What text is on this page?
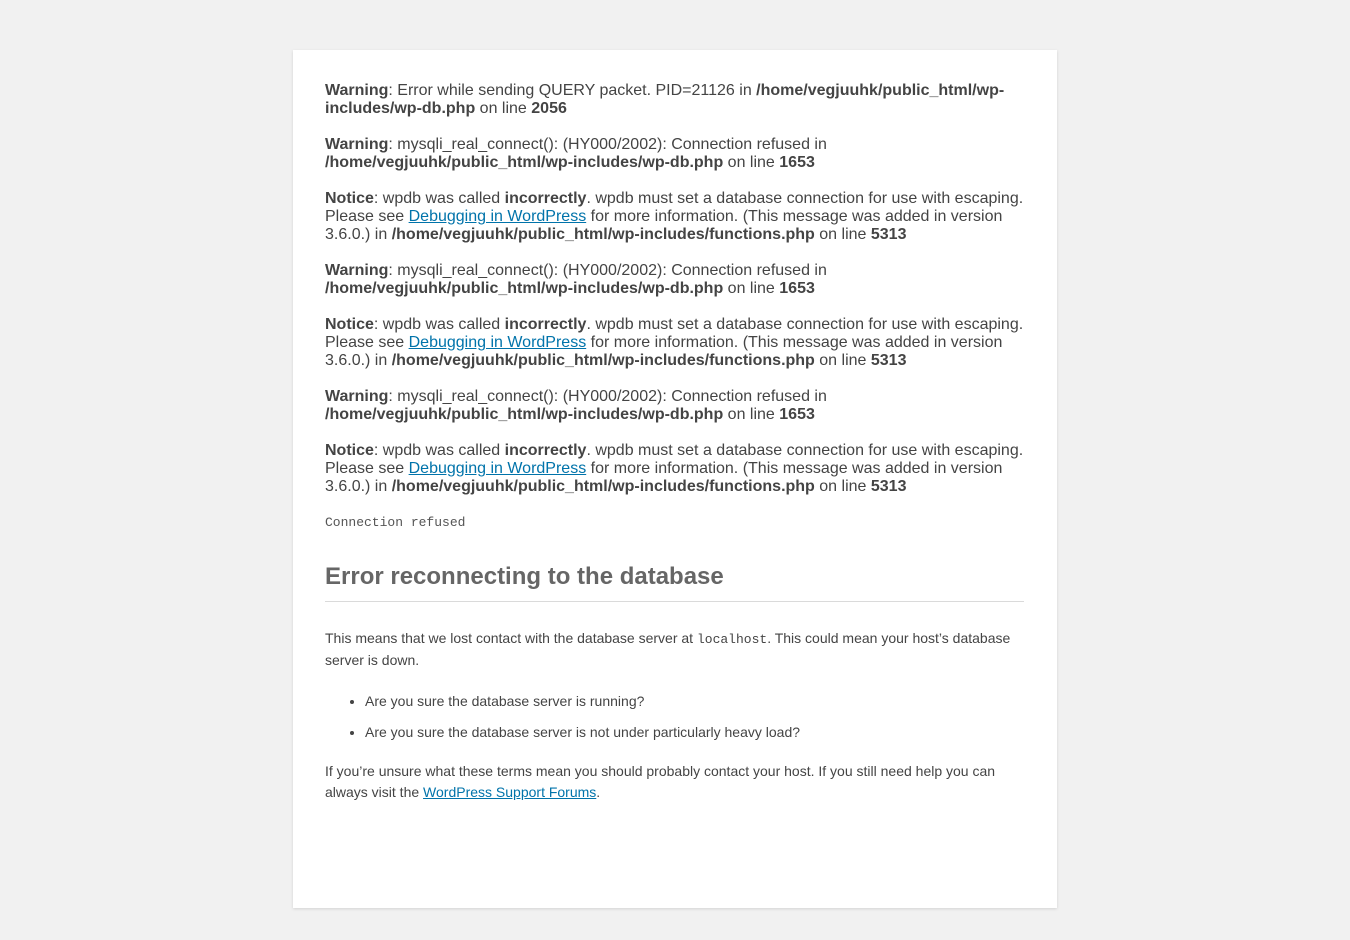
Warning: Error while sending QUERY packet. PID=21126 in /home/vegjuuhk/public_html/wp-includes/wp-db.php on line 2056

Warning: mysqli_real_connect(): (HY000/2002): Connection refused in
/home/vegjuuhk/public_html/wp-includes/wp-db.php on line 1653

Notice: wpdb was called incorrectly. wpdb must set a database connection for use with escaping. Please see Debugging in WordPress for more information. (This message was added in version 3.6.0.) in /home/vegjuuhk/public_html/wp-includes/functions.php on line 5313

Warning: mysqli_real_connect(): (HY000/2002): Connection refused in
/home/vegjuuhk/public_html/wp-includes/wp-db.php on line 1653

Notice: wpdb was called incorrectly. wpdb must set a database connection for use with escaping. Please see Debugging in WordPress for more information. (This message was added in version 3.6.0.) in /home/vegjuuhk/public_html/wp-includes/functions.php on line 5313

Warning: mysqli_real_connect(): (HY000/2002): Connection refused in
/home/vegjuuhk/public_html/wp-includes/wp-db.php on line 1653

Notice: wpdb was called incorrectly. wpdb must set a database connection for use with escaping. Please see Debugging in WordPress for more information. (This message was added in version 3.6.0.) in /home/vegjuuhk/public_html/wp-includes/functions.php on line 5313

Connection refused

Error reconnecting to the database

This means that we lost contact with the database server at localhost. This could mean your host’s database server is down.

• Are you sure the database server is running?
• Are you sure the database server is not under particularly heavy load?

If you’re unsure what these terms mean you should probably contact your host. If you still need help you can always visit the WordPress Support Forums.
